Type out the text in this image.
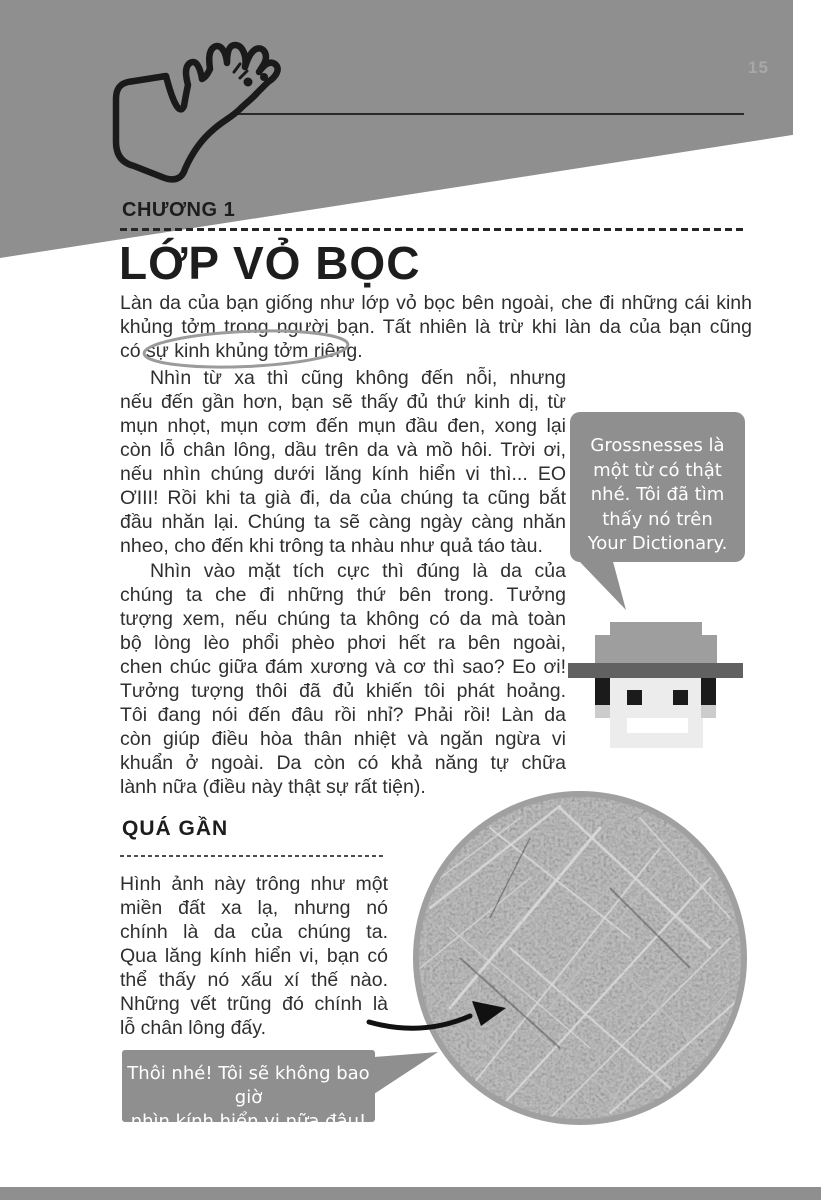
15
CHƯƠNG 1
LỚP VỎ BỌC
Làn da của bạn giống như lớp vỏ bọc bên ngoài, che đi những cái kinh
khủng tởm trong người bạn. Tất nhiên là trừ khi làn da của bạn cũng
có sự kinh khủng tởm riêng.
Nhìn từ xa thì cũng không đến nỗi, nhưng
nếu đến gần hơn, bạn sẽ thấy đủ thứ kinh dị, từ
mụn nhọt, mụn cơm đến mụn đầu đen, xong lại
còn lỗ chân lông, dầu trên da và mồ hôi. Trời ơi,
nếu nhìn chúng dưới lăng kính hiển vi thì... EO
ƠIII! Rồi khi ta già đi, da của chúng ta cũng bắt
đầu nhăn lại. Chúng ta sẽ càng ngày càng nhăn
nheo, cho đến khi trông ta nhàu như quả táo tàu.
Nhìn vào mặt tích cực thì đúng là da của
chúng ta che đi những thứ bên trong. Tưởng
tượng xem, nếu chúng ta không có da mà toàn
bộ lòng lèo phổi phèo phơi hết ra bên ngoài,
chen chúc giữa đám xương và cơ thì sao? Eo ơi!
Tưởng tượng thôi đã đủ khiến tôi phát hoảng.
Tôi đang nói đến đâu rồi nhỉ? Phải rồi! Làn da
còn giúp điều hòa thân nhiệt và ngăn ngừa vi
khuẩn ở ngoài. Da còn có khả năng tự chữa
lành nữa (điều này thật sự rất tiện).
Grossnesses là
một từ có thật
nhé. Tôi đã tìm
thấy nó trên
Your Dictionary.
QUÁ GẦN
Hình ảnh này trông như một
miền đất xa lạ, nhưng nó
chính là da của chúng ta.
Qua lăng kính hiển vi, bạn có
thể thấy nó xấu xí thế nào.
Những vết trũng đó chính là
lỗ chân lông đấy.
Thôi nhé! Tôi sẽ không bao giờ
nhìn kính hiển vi nữa đâu!
